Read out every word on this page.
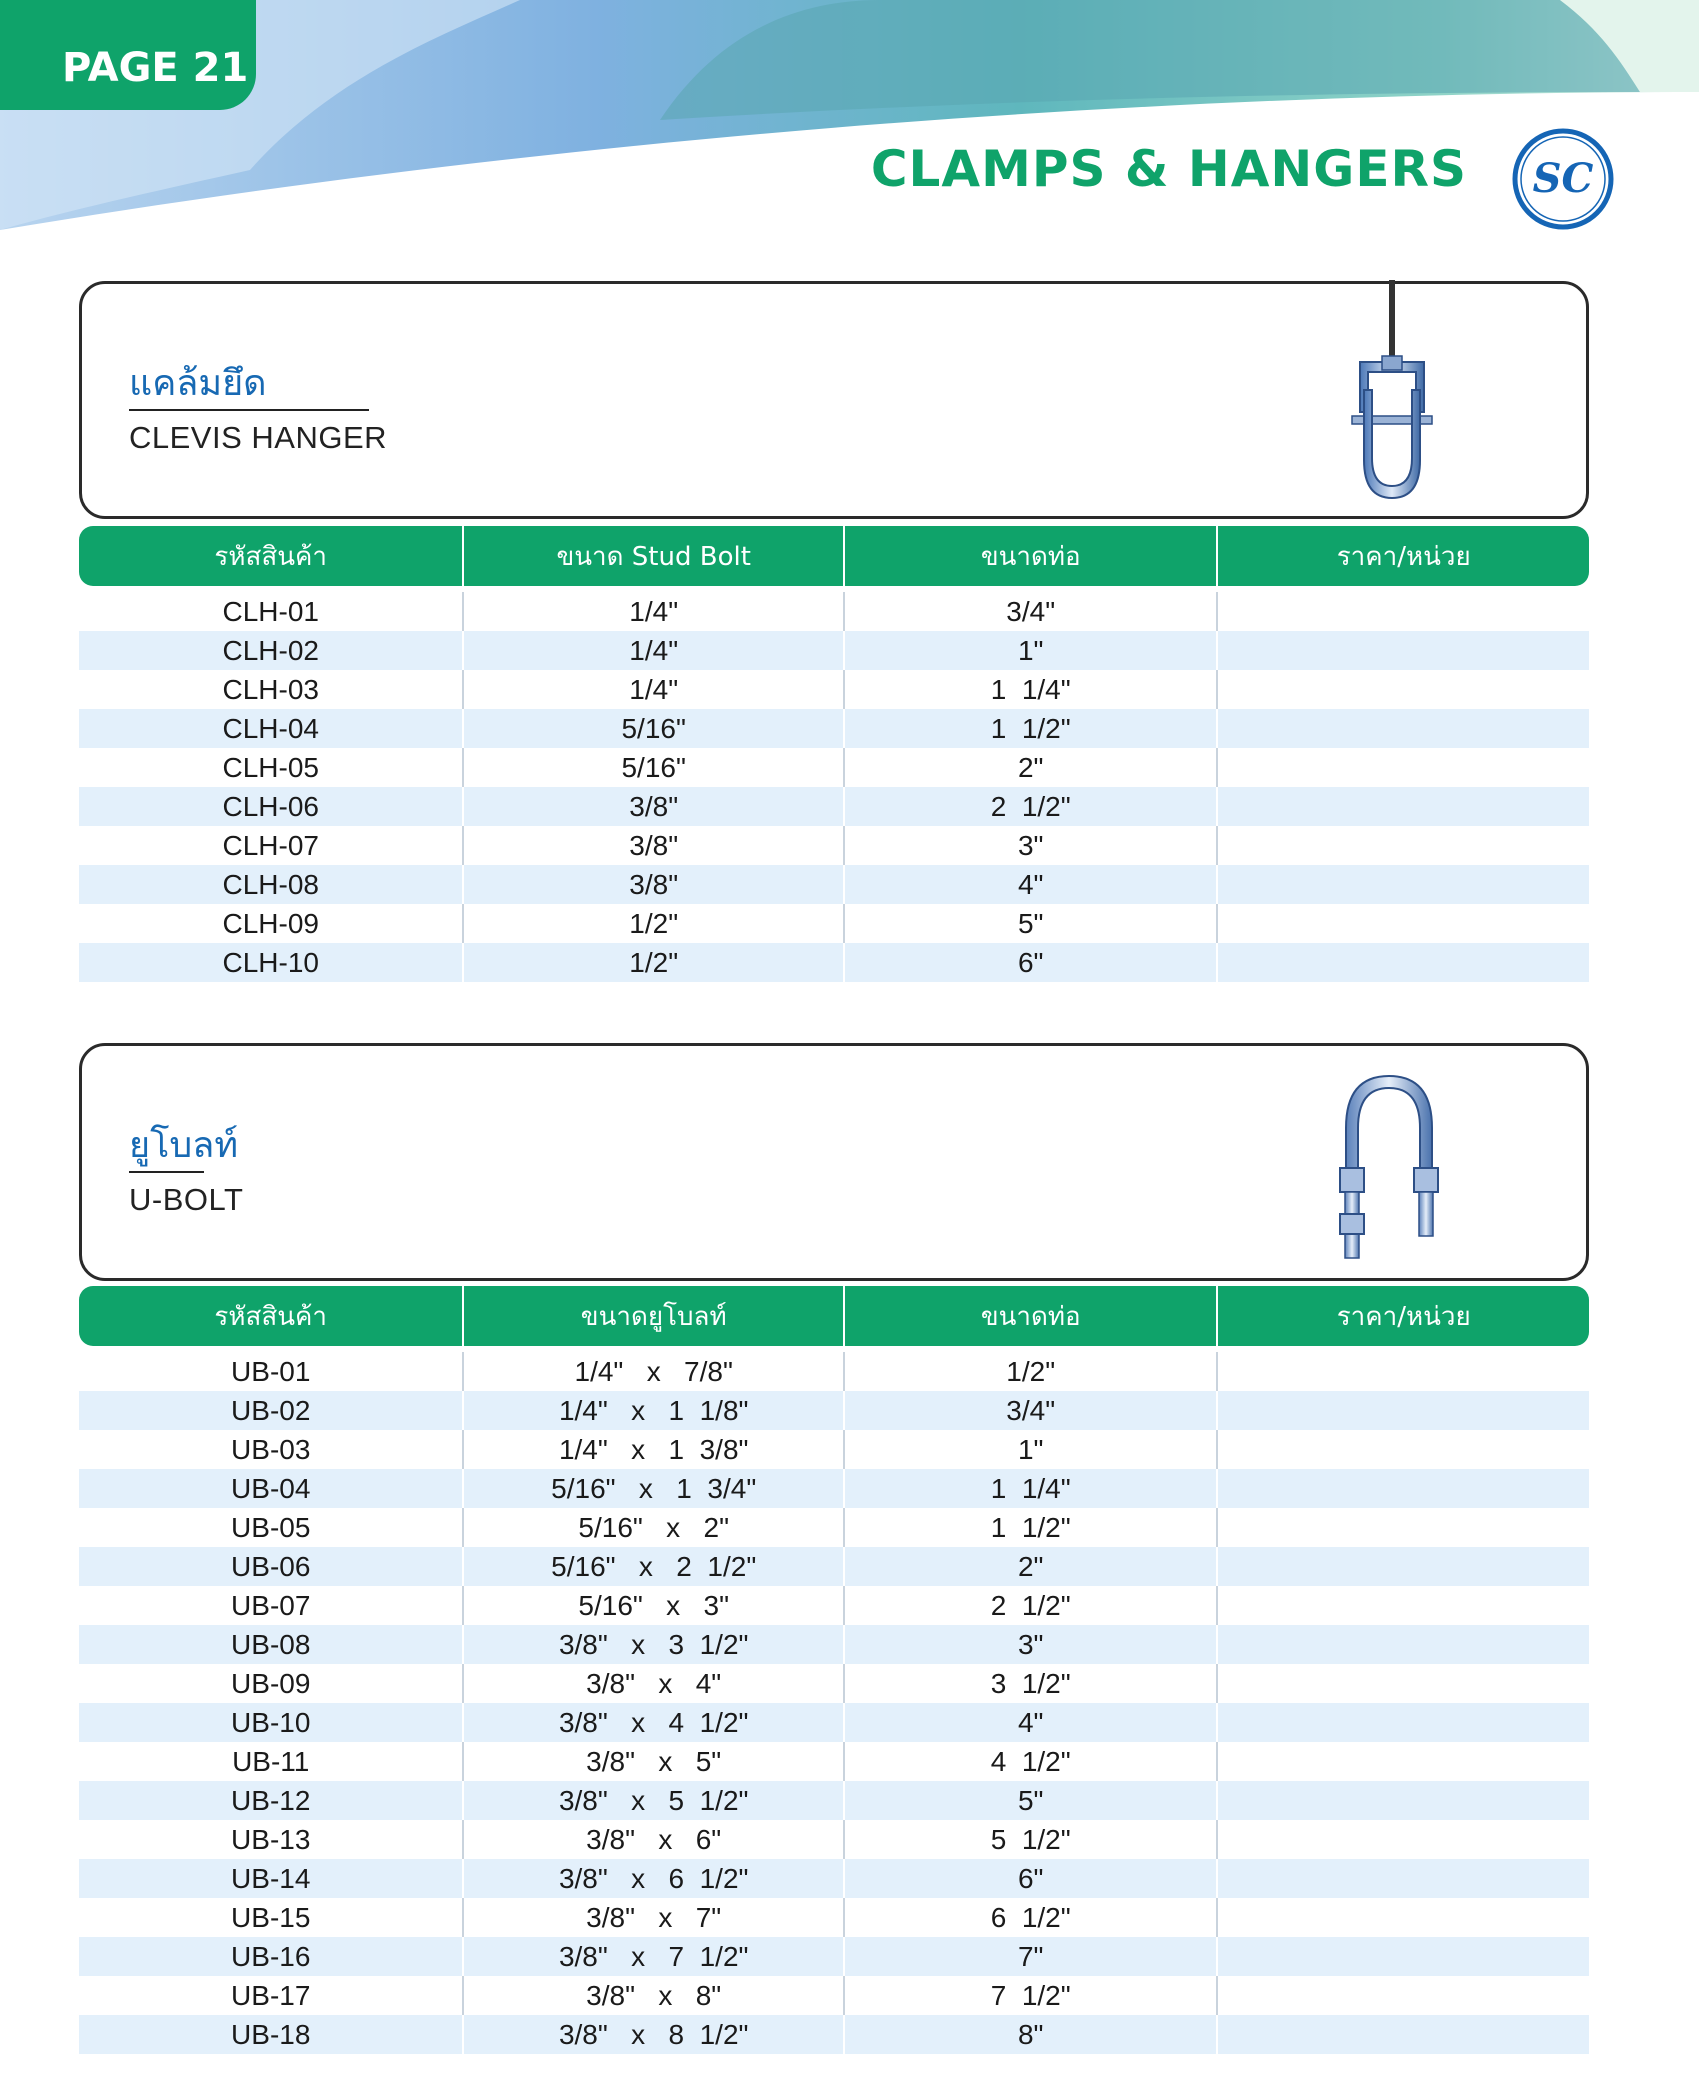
PAGE 21
CLAMPS & HANGERS SC
แคล้มยึด
CLEVIS HANGER
รหัสสินค้า	ขนาด Stud Bolt	ขนาดท่อ	ราคา/หน่วย
CLH-01	1/4"	3/4"
CLH-02	1/4"	1"
CLH-03	1/4"	1  1/4"
CLH-04	5/16"	1  1/2"
CLH-05	5/16"	2"
CLH-06	3/8"	2  1/2"
CLH-07	3/8"	3"
CLH-08	3/8"	4"
CLH-09	1/2"	5"
CLH-10	1/2"	6"
ยูโบลท์
U-BOLT
รหัสสินค้า	ขนาดยูโบลท์	ขนาดท่อ	ราคา/หน่วย
UB-01	1/4"   x   7/8"	1/2"
UB-02	1/4"   x   1  1/8"	3/4"
UB-03	1/4"   x   1  3/8"	1"
UB-04	5/16"   x   1  3/4"	1  1/4"
UB-05	5/16"   x   2"	1  1/2"
UB-06	5/16"   x   2  1/2"	2"
UB-07	5/16"   x   3"	2  1/2"
UB-08	3/8"   x   3  1/2"	3"
UB-09	3/8"   x   4"	3  1/2"
UB-10	3/8"   x   4  1/2"	4"
UB-11	3/8"   x   5"	4  1/2"
UB-12	3/8"   x   5  1/2"	5"
UB-13	3/8"   x   6"	5  1/2"
UB-14	3/8"   x   6  1/2"	6"
UB-15	3/8"   x   7"	6  1/2"
UB-16	3/8"   x   7  1/2"	7"
UB-17	3/8"   x   8"	7  1/2"
UB-18	3/8"   x   8  1/2"	8"
